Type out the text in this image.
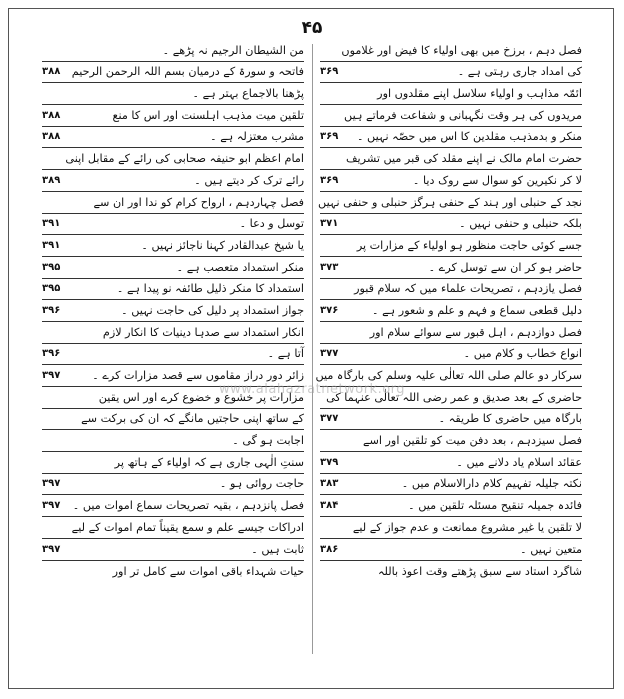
۴۵
فصل دہم ، برزخ میں بھی اولیاء کا فیض اور غلاموں
کی امداد جاری رہتی ہے ۔
۳۶۹
ائمّہ مذاہب و اولیاء سلاسل اپنے مقلدوں اور
مریدوں کی ہر وقت نگہبانی و شفاعت فرماتے ہیں
منکر و بدمذہب مقلدین کا اس میں حصّہ نہیں ۔
۳۶۹
حضرت امام مالک نے اپنے مقلد کی قبر میں تشریف
لا کر نکیرین کو سوال سے روک دیا ۔
۳۶۹
نجد کے حنبلی اور ہند کے حنفی ہرگز حنبلی و حنفی نہیں
بلکہ حنبلی و حنفی نہیں ۔
۳۷۱
جسے کوئی حاجت منظور ہو اولیاء کے مزارات پر
حاضر ہو کر ان سے توسل کرے ۔
۳۷۳
فصل یازدہم ، تصریحات علماء میں کہ سلام قبور
دلیل قطعی سماع و فہم و علم و شعور ہے ۔
۳۷۶
فصل دوازدہم ، اہل قبور سے سوائے سلام اور
انواع خطاب و کلام میں ۔
۳۷۷
سرکار دو عالم صلی اللہ تعالٰی علیہ وسلم کی بارگاہ میں
حاضری کے بعد صدیق و عمر رضی اللہ تعالٰی عنہما کی
بارگاہ میں حاضری کا طریقہ ۔
۳۷۷
فصل سیزدہم ، بعد دفن میت کو تلقین اور اسے
عقائد اسلام یاد دلانے میں ۔
۳۷۹
نکتہ جلیلہ تفہیم کلام دارالاسلام میں ۔
۳۸۳
فائدہ جمیلہ تنقیح مسئلہ تلقین میں ۔
۳۸۴
لا تلقین یا غیر مشروع ممانعت و عدم جواز کے لیے
متعین نہیں ۔
۳۸۶
شاگرد استاد سے سبق پڑھتے وقت اعوذ باللہ
من الشیطان الرجیم نہ پڑھے ۔
فاتحہ و سورۃ کے درمیان بسم اللہ الرحمن الرحیم
۳۸۸
پڑھنا بالاجماع بہتر ہے ۔
تلقین میت مذہب اہلسنت اور اس کا منع
۳۸۸
مشرب معتزلہ ہے ۔
۳۸۸
امام اعظم ابو حنیفہ صحابی کی رائے کے مقابل اپنی
رائے ترک کر دیتے ہیں ۔
۳۸۹
فصل چہاردہم ، ارواح کرام کو ندا اور ان سے
توسل و دعا ۔
۳۹۱
یا شیخ عبدالقادر کہنا ناجائز نہیں ۔
۳۹۱
منکر استمداد متعصب ہے ۔
۳۹۵
استمداد کا منکر ذلیل طائفہ نو پیدا ہے ۔
۳۹۵
جواز استمداد پر دلیل کی حاجت نہیں ۔
۳۹۶
انکار استمداد سے صدہا دینیات کا انکار لازم
آتا ہے ۔
۳۹۶
زائر دور دراز مقاموں سے قصد مزارات کرے ۔
۳۹۷
مزارات پر خشوع و خضوع کرے اور اس یقین
کے ساتھ اپنی حاجتیں مانگے کہ ان کی برکت سے
اجابت ہو گی ۔
سنتِ الٰہی جاری ہے کہ اولیاء کے ہاتھ پر
حاجت روائی ہو ۔
۳۹۷
فصل پانزدہم ، بقیہ تصریحات سماع اموات میں ۔
۳۹۷
ادراکات جیسے علم و سمع یقیناً تمام اموات کے لیے
ثابت ہیں ۔
۳۹۷
حیات شہداء باقی اموات سے کامل تر اور
www.alahazratnetwork.org
